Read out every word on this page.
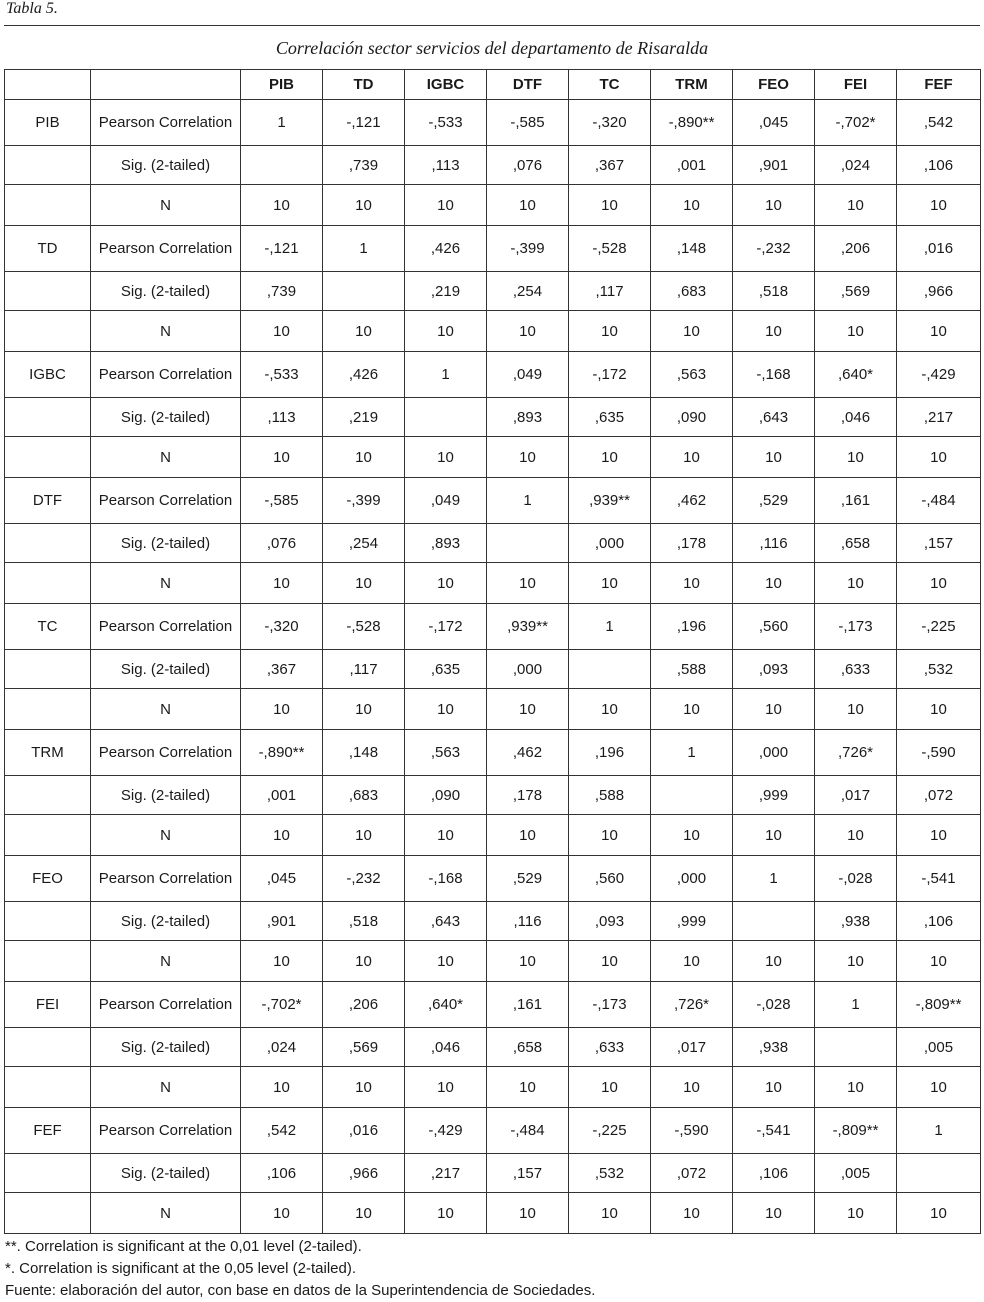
Tabla 5.
Correlación sector servicios del departamento de Risaralda
		PIB	TD	IGBC	DTF	TC	TRM	FEO	FEI	FEF
PIB	Pearson Correlation	1	-,121	-,533	-,585	-,320	-,890**	,045	-,702*	,542
	Sig. (2-tailed)		,739	,113	,076	,367	,001	,901	,024	,106
	N	10	10	10	10	10	10	10	10	10
TD	Pearson Correlation	-,121	1	,426	-,399	-,528	,148	-,232	,206	,016
	Sig. (2-tailed)	,739		,219	,254	,117	,683	,518	,569	,966
	N	10	10	10	10	10	10	10	10	10
IGBC	Pearson Correlation	-,533	,426	1	,049	-,172	,563	-,168	,640*	-,429
	Sig. (2-tailed)	,113	,219		,893	,635	,090	,643	,046	,217
	N	10	10	10	10	10	10	10	10	10
DTF	Pearson Correlation	-,585	-,399	,049	1	,939**	,462	,529	,161	-,484
	Sig. (2-tailed)	,076	,254	,893		,000	,178	,116	,658	,157
	N	10	10	10	10	10	10	10	10	10
TC	Pearson Correlation	-,320	-,528	-,172	,939**	1	,196	,560	-,173	-,225
	Sig. (2-tailed)	,367	,117	,635	,000		,588	,093	,633	,532
	N	10	10	10	10	10	10	10	10	10
TRM	Pearson Correlation	-,890**	,148	,563	,462	,196	1	,000	,726*	-,590
	Sig. (2-tailed)	,001	,683	,090	,178	,588		,999	,017	,072
	N	10	10	10	10	10	10	10	10	10
FEO	Pearson Correlation	,045	-,232	-,168	,529	,560	,000	1	-,028	-,541
	Sig. (2-tailed)	,901	,518	,643	,116	,093	,999		,938	,106
	N	10	10	10	10	10	10	10	10	10
FEI	Pearson Correlation	-,702*	,206	,640*	,161	-,173	,726*	-,028	1	-,809**
	Sig. (2-tailed)	,024	,569	,046	,658	,633	,017	,938		,005
	N	10	10	10	10	10	10	10	10	10
FEF	Pearson Correlation	,542	,016	-,429	-,484	-,225	-,590	-,541	-,809**	1
	Sig. (2-tailed)	,106	,966	,217	,157	,532	,072	,106	,005	
	N	10	10	10	10	10	10	10	10	10
**. Correlation is significant at the 0,01 level (2-tailed).
*. Correlation is significant at the 0,05 level (2-tailed).
Fuente: elaboración del autor, con base en datos de la Superintendencia de Sociedades.
